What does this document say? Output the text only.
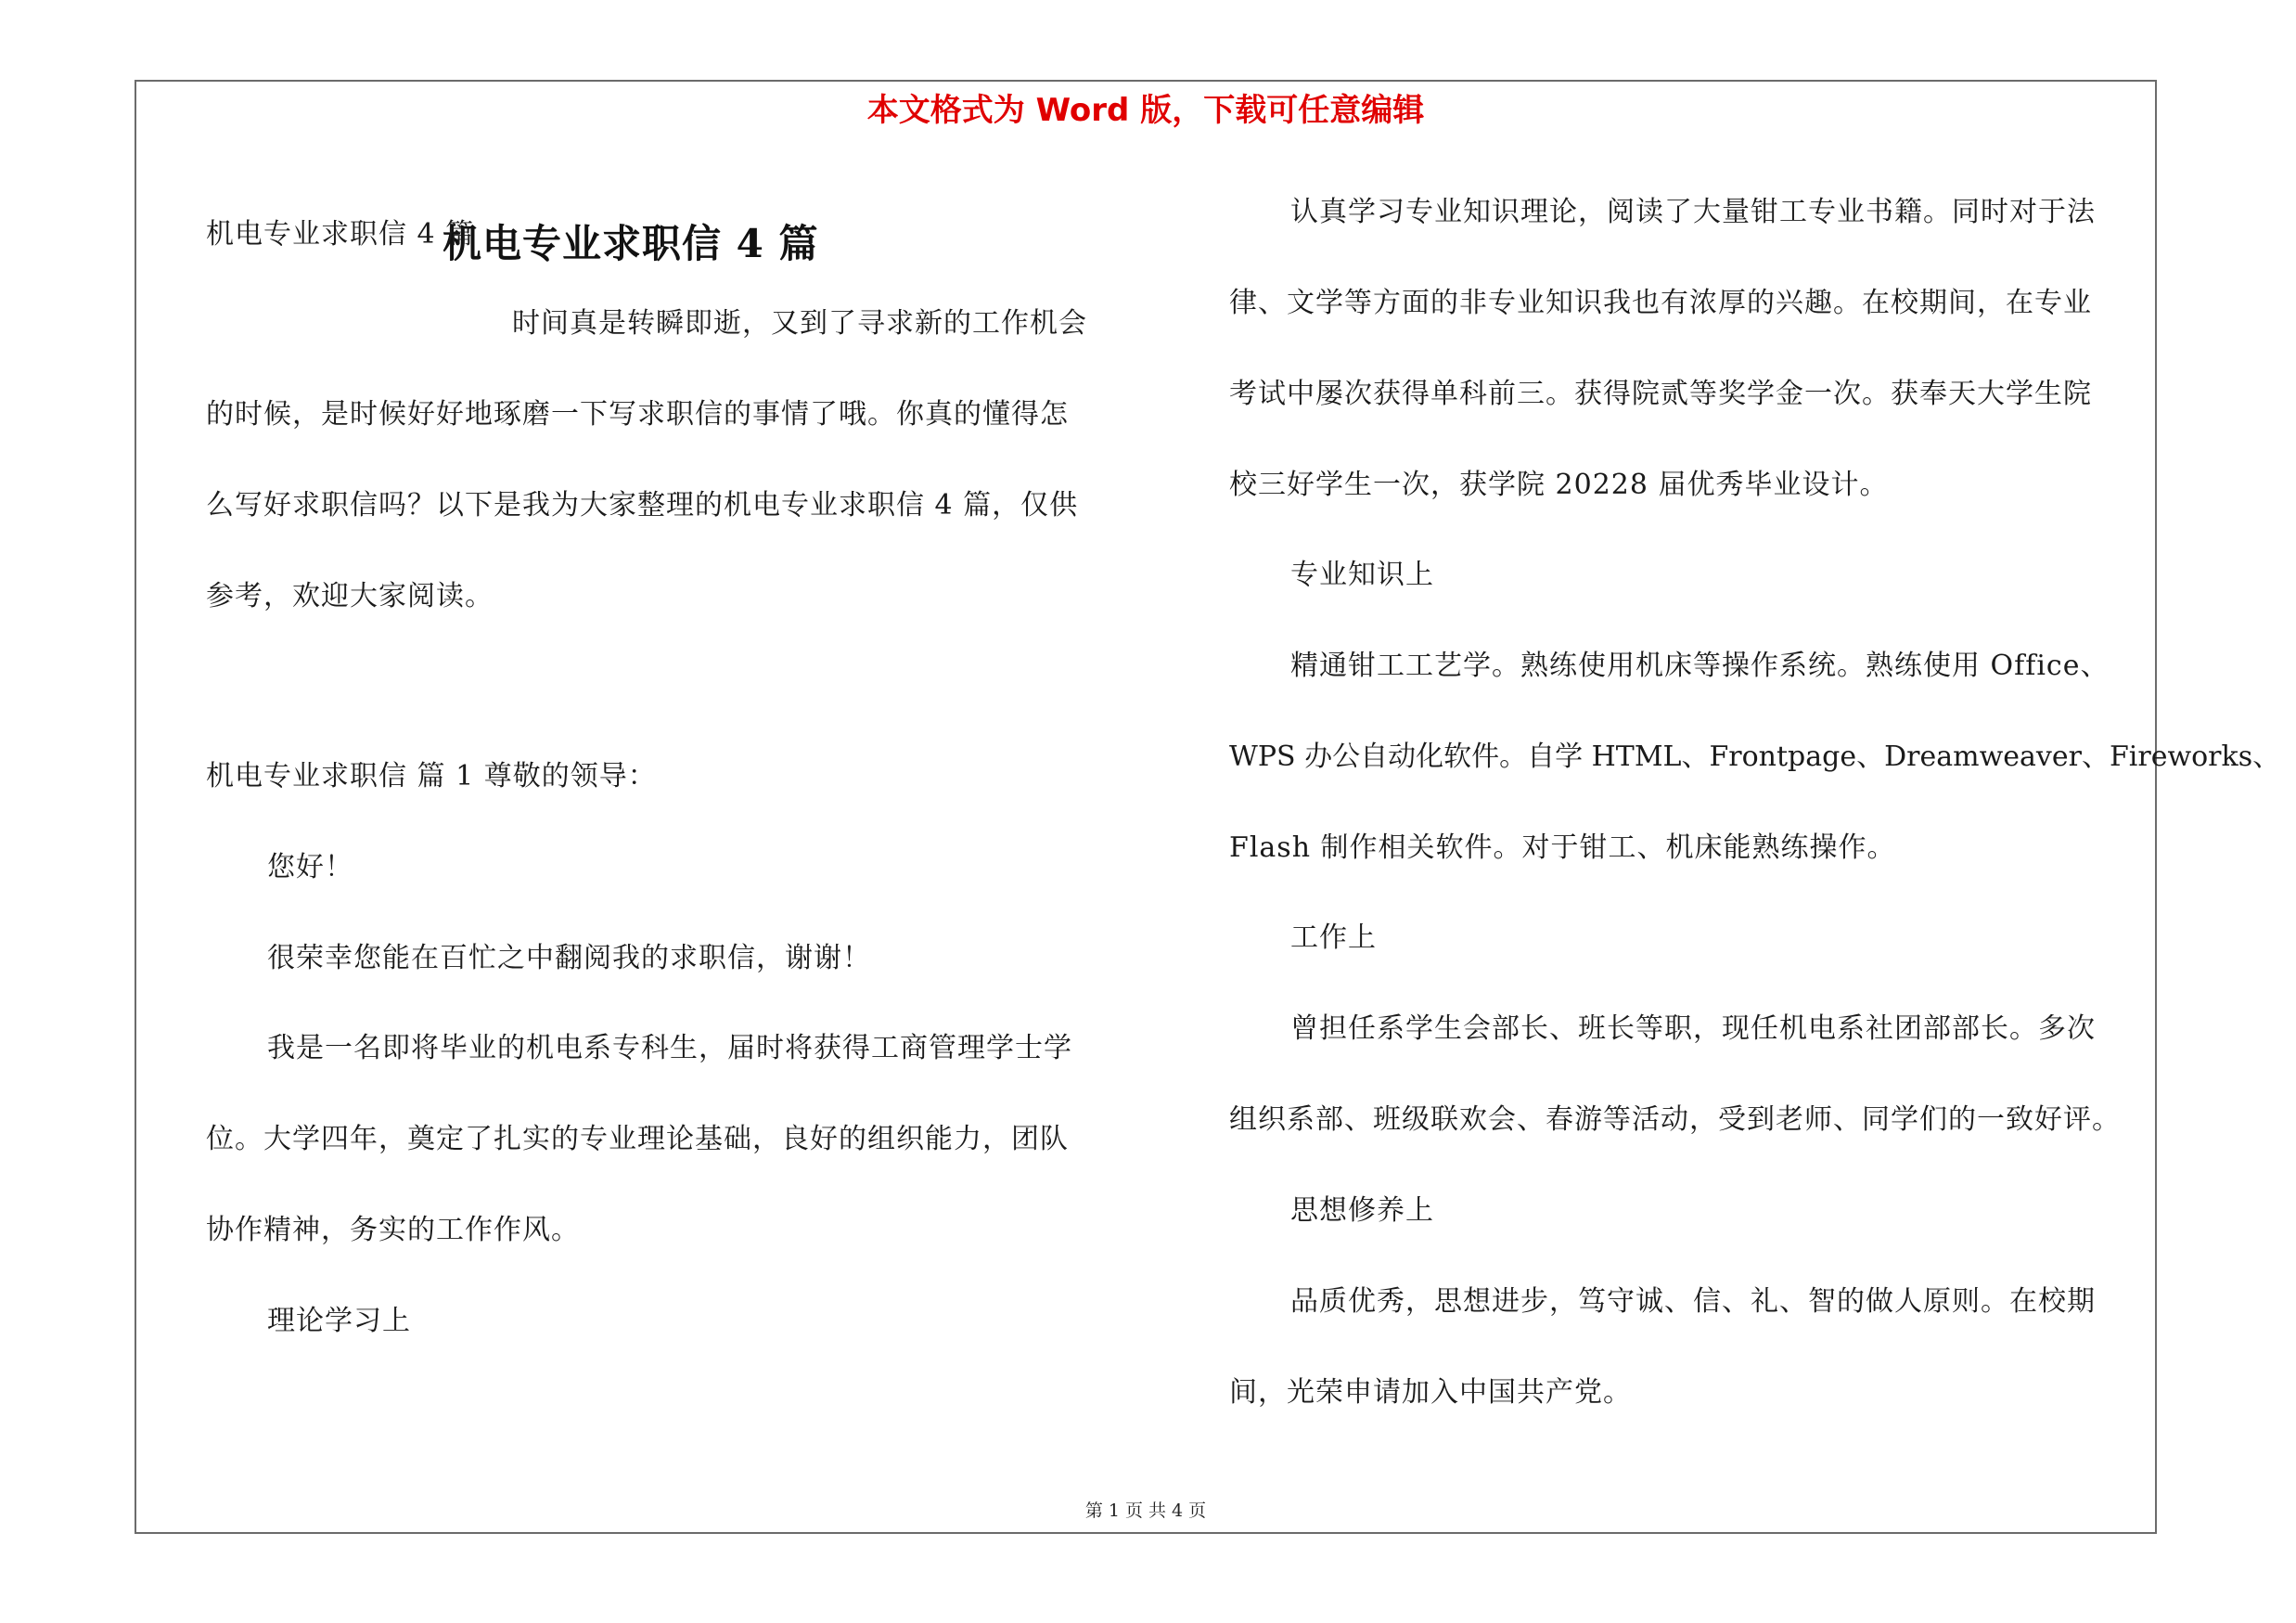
本文格式为 Word 版，下载可任意编辑
机电专业求职信 4 篇
机电专业求职信 4 篇
时间真是转瞬即逝，又到了寻求新的工作机会
的时候，是时候好好地琢磨一下写求职信的事情了哦。你真的懂得怎
么写好求职信吗？以下是我为大家整理的机电专业求职信 4 篇，仅供
参考，欢迎大家阅读。
机电专业求职信 篇 1 尊敬的领导：
您好！
很荣幸您能在百忙之中翻阅我的求职信，谢谢！
我是一名即将毕业的机电系专科生，届时将获得工商管理学士学
位。大学四年，奠定了扎实的专业理论基础，良好的组织能力，团队
协作精神，务实的工作作风。
理论学习上
认真学习专业知识理论，阅读了大量钳工专业书籍。同时对于法
律、文学等方面的非专业知识我也有浓厚的兴趣。在校期间，在专业
考试中屡次获得单科前三。获得院贰等奖学金一次。获奉天大学生院
校三好学生一次，获学院 20228 届优秀毕业设计。
专业知识上
精通钳工工艺学。熟练使用机床等操作系统。熟练使用 Office、
WPS 办公自动化软件。自学 HTML、Frontpage、Dreamweaver、Fireworks、
Flash 制作相关软件。对于钳工、机床能熟练操作。
工作上
曾担任系学生会部长、班长等职，现任机电系社团部部长。多次
组织系部、班级联欢会、春游等活动，受到老师、同学们的一致好评。
思想修养上
品质优秀，思想进步，笃守诚、信、礼、智的做人原则。在校期
间，光荣申请加入中国共产党。
第 1 页 共 4 页
